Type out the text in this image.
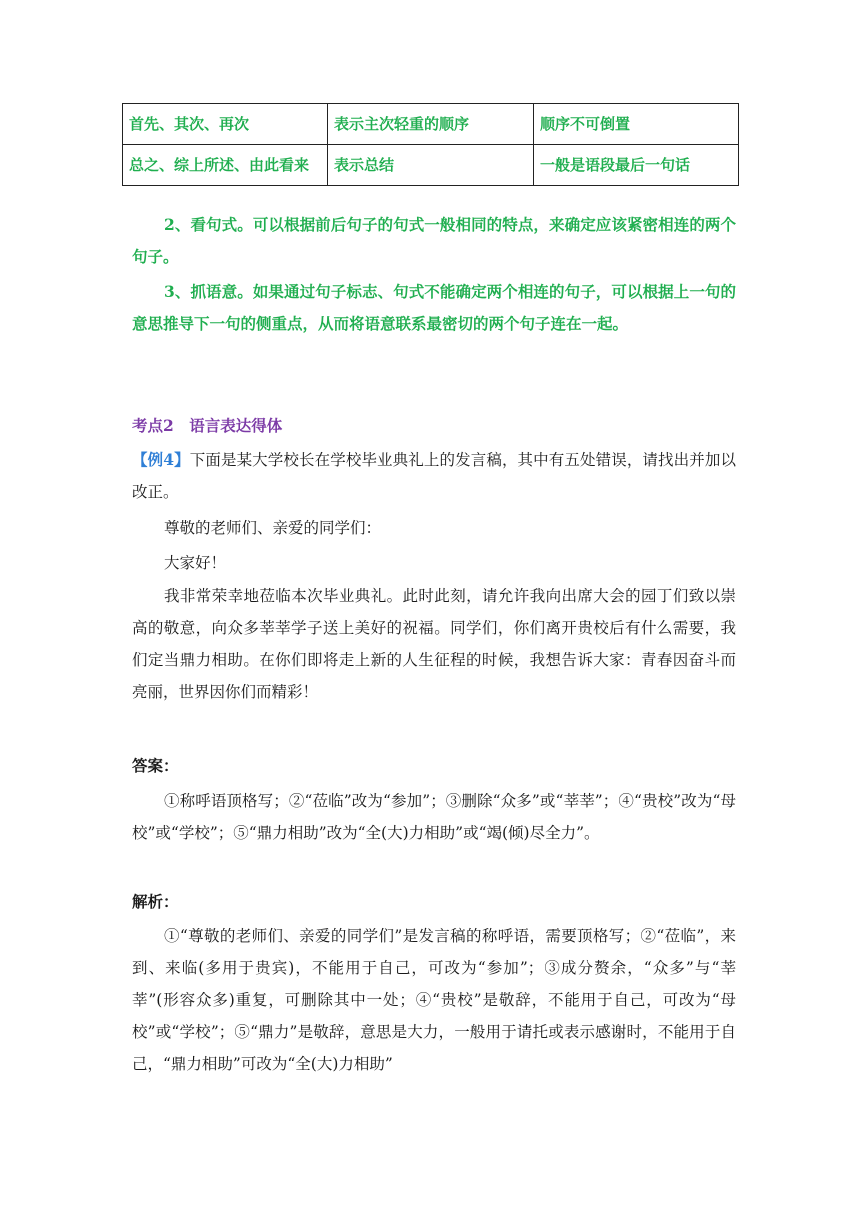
首先、其次、再次	表示主次轻重的顺序	顺序不可倒置
总之、综上所述、由此看来	表示总结	一般是语段最后一句话

2、看句式。可以根据前后句子的句式一般相同的特点，来确定应该紧密相连的两个句子。

3、抓语意。如果通过句子标志、句式不能确定两个相连的句子，可以根据上一句的意思推导下一句的侧重点，从而将语意联系最密切的两个句子连在一起。

考点2　语言表达得体

【例4】下面是某大学校长在学校毕业典礼上的发言稿，其中有五处错误，请找出并加以改正。

尊敬的老师们、亲爱的同学们：

大家好！

我非常荣幸地莅临本次毕业典礼。此时此刻，请允许我向出席大会的园丁们致以崇高的敬意，向众多莘莘学子送上美好的祝福。同学们，你们离开贵校后有什么需要，我们定当鼎力相助。在你们即将走上新的人生征程的时候，我想告诉大家：青春因奋斗而亮丽，世界因你们而精彩！

答案：

①称呼语顶格写；②“莅临”改为“参加”；③删除“众多”或“莘莘”；④“贵校”改为“母校”或“学校”；⑤“鼎力相助”改为“全(大)力相助”或“竭(倾)尽全力”。

解析：

①“尊敬的老师们、亲爱的同学们”是发言稿的称呼语，需要顶格写；②“莅临”，来到、来临(多用于贵宾)，不能用于自己，可改为“参加”；③成分赘余，“众多”与“莘莘”(形容众多)重复，可删除其中一处；④“贵校”是敬辞，不能用于自己，可改为“母校”或“学校”；⑤“鼎力”是敬辞，意思是大力，一般用于请托或表示感谢时，不能用于自己，“鼎力相助”可改为“全(大)力相助”
